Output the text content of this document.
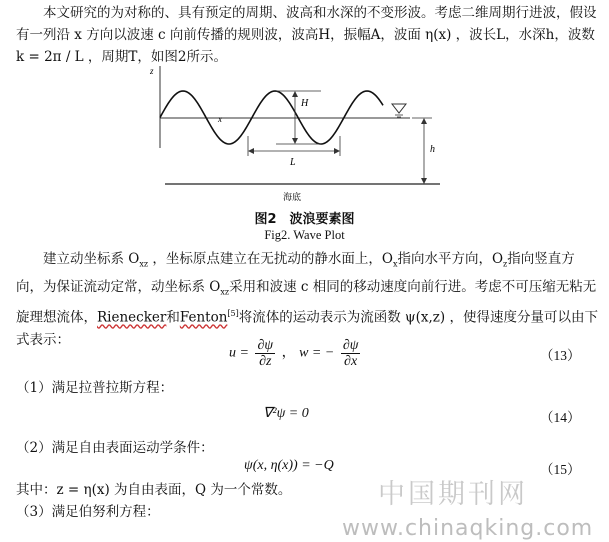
本文研究的为对称的、具有预定的周期、波高和水深的不变形波。考虑二维周期行进波，假设有一列沿 x 方向以波速 c 向前传播的规则波，波高H，振幅A，波面 η(x) ，波长L，水深h，波数 k = 2π / L ，周期T，如图2所示。
z
x
H
L
h
海底
图2　波浪要素图
Fig2. Wave Plot
建立动坐标系 $O_{xz}$ ，坐标原点建立在无扰动的静水面上，$O_x$指向水平方向，$O_z$指向竖直方向，为保证流动定常，动坐标系 $O_{xz}$采用和波速 c 相同的移动速度向前行进。考虑不可压缩无粘无旋理想流体，Rienecker和Fenton[5]将流体的运动表示为流函数 ψ(x,z) ，使得速度分量可以由下式表示：
$u = \frac{\partial\psi}{\partial z}$ ， w = − $\frac{\partial\psi}{\partial x}$	（13）
（1）满足拉普拉斯方程：
∇²ψ = 0	（14）
（2）满足自由表面运动学条件：
ψ(x, η(x)) = −Q	（15）
其中：z = η(x) 为自由表面，Q 为一个常数。
（3）满足伯努利方程：
中国期刊网
www.chinaqking.com
